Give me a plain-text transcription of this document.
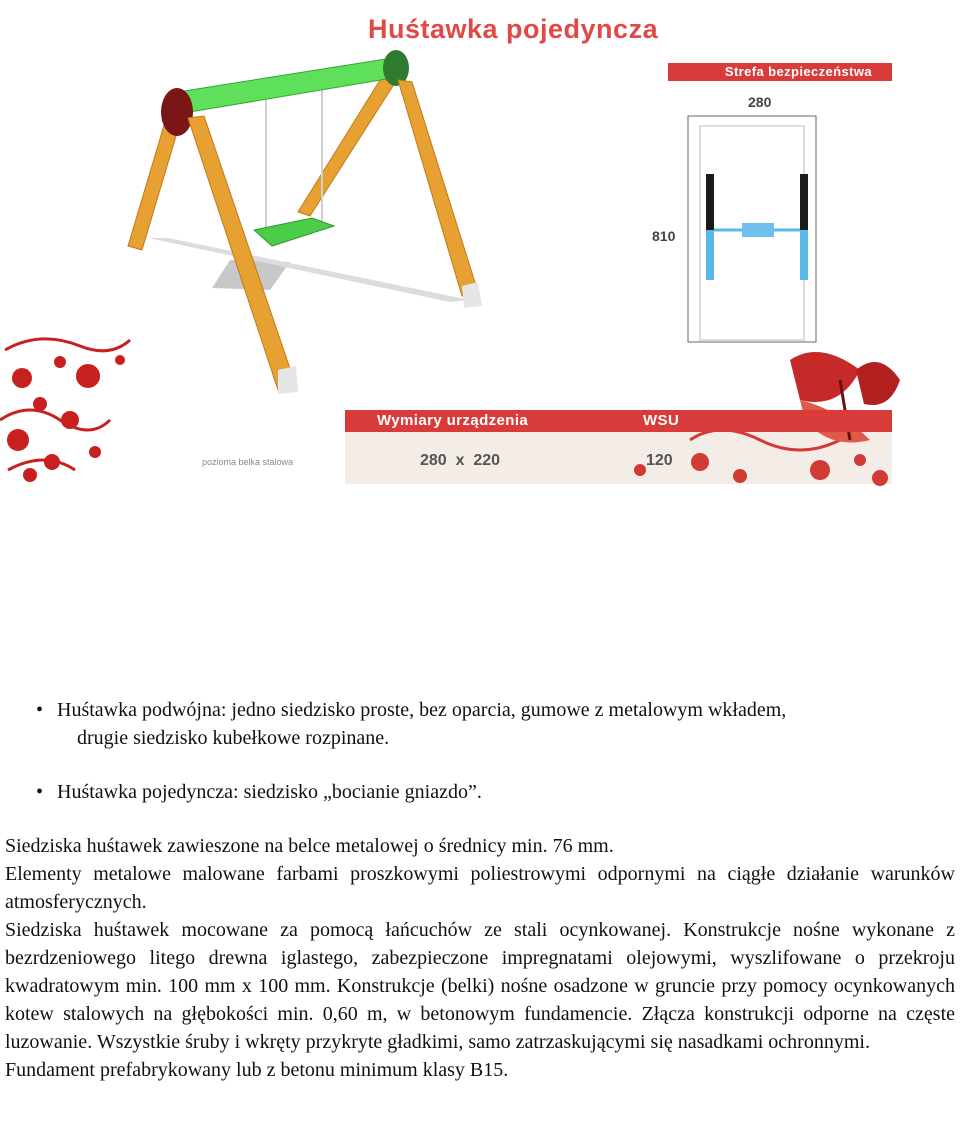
Huśtawka pojedyncza
Strefa bezpieczeństwa
280
810
Wymiary urządzenia	WSU
pozioma belka stalowa	280  x  220	120
• Huśtawka podwójna: jedno siedzisko proste, bez oparcia, gumowe z metalowym wkładem,
drugie siedzisko kubełkowe rozpinane.
• Huśtawka pojedyncza: siedzisko „bocianie gniazdo”.

Siedziska huśtawek zawieszone na belce metalowej o średnicy min. 76 mm.

Elementy metalowe malowane farbami proszkowymi poliestrowymi odpornymi na ciągłe działanie warunków atmosferycznych.

Siedziska huśtawek mocowane za pomocą łańcuchów ze stali ocynkowanej. Konstrukcje nośne wykonane z bezrdzeniowego litego drewna iglastego, zabezpieczone impregnatami olejowymi, wyszlifowane o przekroju kwadratowym min. 100 mm x 100 mm. Konstrukcje (belki) nośne osadzone w gruncie przy pomocy ocynkowanych kotew stalowych na głębokości min. 0,60 m, w betonowym fundamencie. Złącza konstrukcji odporne na częste luzowanie. Wszystkie śruby i wkręty przykryte gładkimi, samo zatrzaskującymi się nasadkami ochronnymi.

Fundament prefabrykowany lub z betonu minimum klasy B15.
